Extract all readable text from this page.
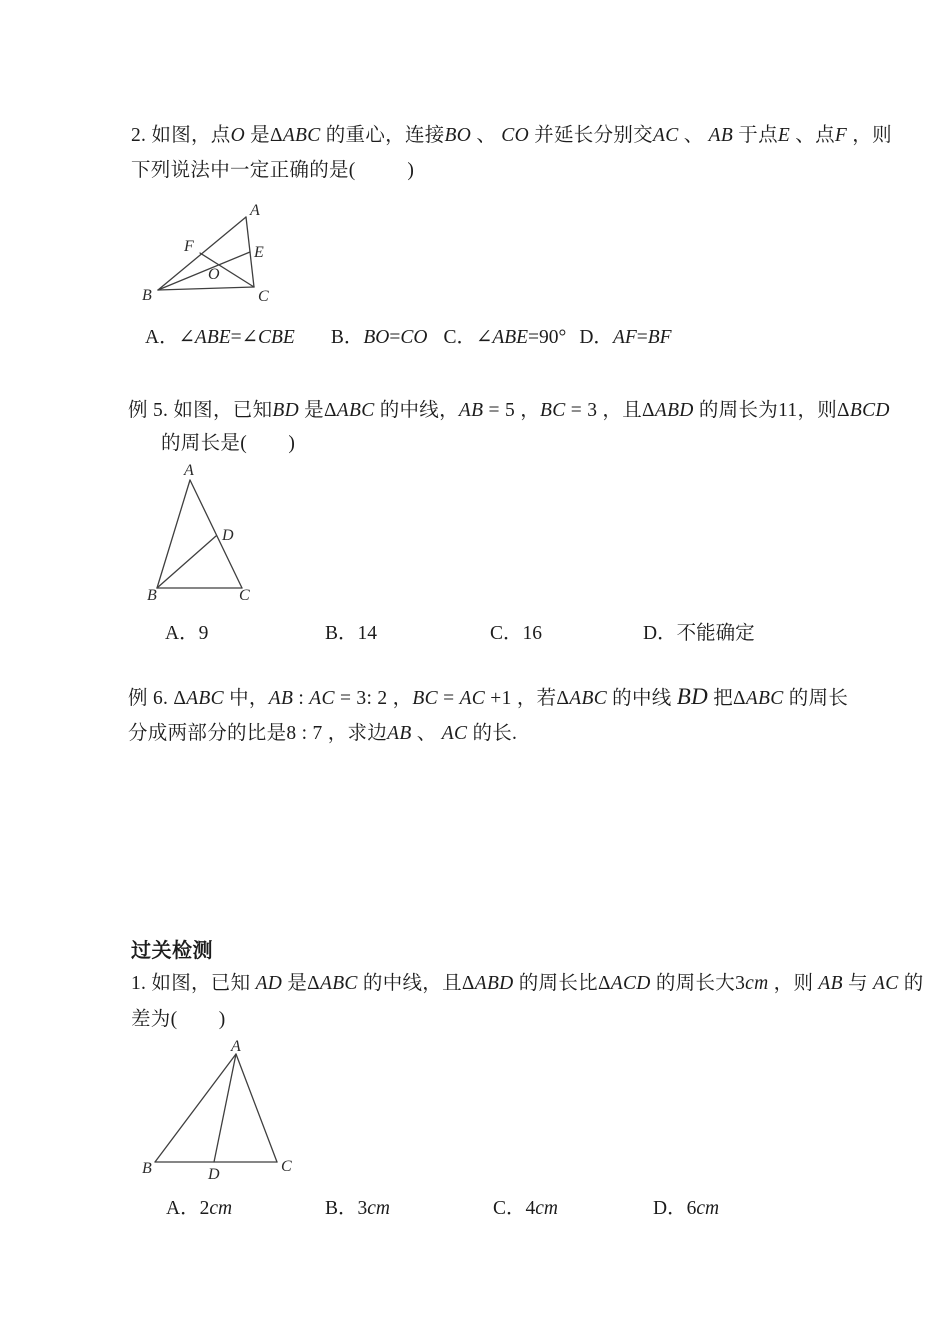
2. 如图，点O 是ΔABC 的重心，连接BO 、 CO 并延长分别交AC 、 AB 于点E 、点F ，则
下列说法中一定正确的是(          )
A
B	C
E
F
O
A．∠ABE=∠CBE B．BO=CO C．∠ABE=90° D．AF=BF
例 5. 如图，已知BD 是ΔABC 的中线，AB = 5 ，BC = 3 ，且ΔABD 的周长为11，则ΔBCD
的周长是(        )
A
B	C
D

A．9

	B．14

	C．16

	D．不能确定

例 6. ΔABC 中，AB : AC = 3: 2 ，BC = AC +1 ，若ΔABC 的中线 BD 把ΔABC 的周长
分成两部分的比是8 : 7 ，求边AB 、 AC 的长.
过关检测
1. 如图，已知 AD 是ΔABC 的中线，且ΔABD 的周长比ΔACD 的周长大3cm ，则 AB 与 AC 的
差为(        )
A
B	C
D

A．2cm

	B．3cm

	C．4cm

	D．6cm
